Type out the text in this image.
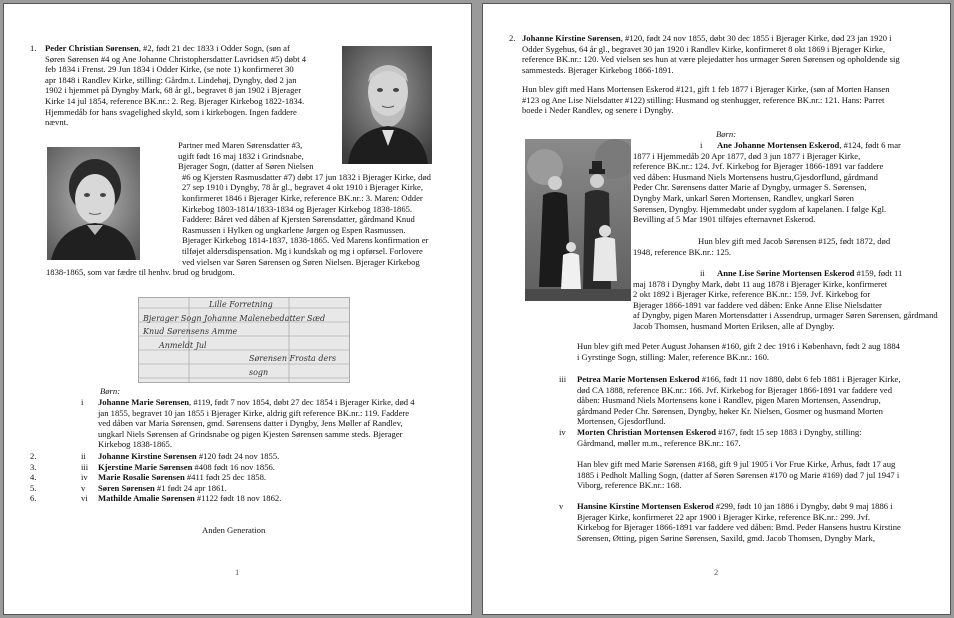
1. Peder Christian Sørensen, #2, født 21 dec 1833 i Odder Sogn, (søn af
Søren Sørensen #4 og Ane Johanne Christophersdatter Lavridsen #5) døbt 4
feb 1834 i Frenst. 29 Jun 1834 i Odder Kirke, (se note 1) konfirmeret 30
apr 1848 i Randlev Kirke, stilling: Gårdm.t. Lindehøj, Dyngby, død 2 jan
1902 i hjemmet på Dyngby Mark, 68 år gl., begravet 8 jan 1902 i Bjerager
Kirke 14 jul 1854, reference BK.nr.: 2. Reg. Bjerager Kirkebog 1822-1834.
Hjemmedåb for hans svagelighed skyld, som i kirkebogen. Ingen faddere
nævnt.
Partner med Maren Sørensdatter #3,
ugift født 16 maj 1832 i Grindsnabe,
Bjerager Sogn, (datter af Søren Nielsen
#6 og Kjersten Rasmusdatter #7) døbt 17 jun 1832 i Bjerager Kirke, død
27 sep 1910 i Dyngby, 78 år gl., begravet 4 okt 1910 i Bjerager Kirke,
konfirmeret 1846 i Bjerager Kirke, reference BK.nr.: 3. Maren: Odder
Kirkebog 1803-1814/1833-1834 og Bjerager Kirkebog 1838-1865.
Faddere: Båret ved dåben af Kjersten Sørensdatter, gårdmand Knud
Rasmussen i Hylken og ungkarlene Jørgen og Espen Rasmussen.
Bjerager Kirkebog 1814-1837, 1838-1865. Ved Marens konfirmation er
tilføjet aldersdispensation. Mg i kundskab og mg i opførsel. Forlovere
ved vielsen var Søren Sørensen og Søren Nielsen. Bjerager Kirkebog
1838-1865, som var fædre til henhv. brud og brudgom.
Lille Forretning
Bjerager Sogn Johanne Malenebedatter Sæd
Knud Sørensens Amme
Anmeldt Jul
Sørensen Frosta ders sogn
Børn:
i Johanne Marie Sørensen, #119, født 7 nov 1854, døbt 27 dec 1854 i Bjerager Kirke, død 4
jan 1855, begravet 10 jan 1855 i Bjerager Kirke, aldrig gift reference BK.nr.: 119. Faddere
ved dåben var Maria Sørensen, gmd. Sørensens datter i Dyngby, Jens Møller af Randlev,
ungkarl Niels Sørensen af Grindsnabe og pigen Kjesten Sørensen samme steds. Bjerager
Kirkebog 1838-1865.
2.	ii Johanne Kirstine Sørensen #120 født 24 nov 1855.
3.	iii Kjerstine Marie Sørensen #408 født 16 nov 1856.
4.	iv Marie Rosalie Sørensen #411 født 25 dec 1858.
5.	v Søren Sørensen #1 født 24 apr 1861.
6.	vi Mathilde Amalie Sørensen #1122 født 18 nov 1862.
Anden Generation
1
2. Johanne Kirstine Sørensen, #120, født 24 nov 1855, døbt 30 dec 1855 i Bjerager Kirke, død 23 jan 1920 i
Odder Sygehus, 64 år gl., begravet 30 jan 1920 i Randlev Kirke, konfirmeret 8 okt 1869 i Bjerager Kirke,
reference BK.nr.: 120. Ved vielsen ses hun at være plejedatter hos urmager Søren Sørensen og opholdende sig
sammesteds. Bjerager Kirkebog 1866-1891.
Hun blev gift med Hans Mortensen Eskerod #121, gift 1 feb 1877 i Bjerager Kirke, (søn af Morten Hansen
#123 og Ane Lise Nielsdatter #122) stilling: Husmand og stenhugger, reference BK.nr.: 121. Hans: Parret
boede i Neder Randlev, og senere i Dyngby.
Børn:
i Ane Johanne Mortensen Eskerod, #124, født 6 mar
1877 i Hjemmedåb 20 Apr 1877, død 3 jun 1877 i Bjerager Kirke,
reference BK.nr.: 124. Jvf. Kirkebog for Bjerager 1866-1891 var faddere
ved dåben: Husmand Niels Mortensens hustru,Gjesdorflund, gårdmand
Peder Chr. Sørensens datter Marie af Dyngby, urmager S. Sørensen,
Dyngby Mark, unkarl Søren Mortensen, Randlev, ungkarl Søren
Sørensen, Dyngby. Hjemmedøbt under sygdom af kapelanen. I følge Kgl.
Bevilling af 5 Mar 1901 tilføjes efternavnet Eskerod.
Hun blev gift med Jacob Sørensen #125, født 1872, død
1948, reference BK.nr.: 125.
ii Anne Lise Sørine Mortensen Eskerod #159, født 11
maj 1878 i Dyngby Mark, døbt 11 aug 1878 i Bjerager Kirke, konfirmeret
2 okt 1892 i Bjerager Kirke, reference BK.nr.: 159. Jvf. Kirkebog for
Bjerager 1866-1891 var faddere ved dåben: Enke Anne Elise Nielsdatter
af Dyngby, pigen Maren Mortensdatter i Assendrup, urmager Søren Sørensen, gårdmand
Jacob Thomsen, husmand Morten Eriksen, alle af Dyngby.
Hun blev gift med Peter August Johansen #160, gift 2 dec 1916 i København, født 2 aug 1884
i Gyrstinge Sogn, stilling: Maler, reference BK.nr.: 160.
iii Petrea Marie Mortensen Eskerod #166, født 11 nov 1880, døbt 6 feb 1881 i Bjerager Kirke,
død CA 1888, reference BK.nr.: 166. Jvf. Kirkebog for Bjerager 1866-1891 var faddere ved
dåben: Husmand Niels Mortensens kone i Randlev, pigen Maren Mortensen, Assendrup,
gårdmand Peder Chr. Sørensen, Dyngby, høker Kr. Nielsen, Gosmer og husmand Morten
Mortensen, Gjesdorflund.
iv Morten Christian Mortensen Eskerod #167, født 15 sep 1883 i Dyngby, stilling:
Gårdmand, møller m.m., reference BK.nr.: 167.
Han blev gift med Marie Sørensen #168, gift 9 jul 1905 i Vor Frue Kirke, Århus, født 17 aug
1885 i Pedholt Malling Sogn, (datter af Søren Sørensen #170 og Marie #169) død 7 jul 1947 i
Viborg, reference BK.nr.: 168.
v Hansine Kirstine Mortensen Eskerod #299, født 10 jan 1886 i Dyngby, døbt 9 maj 1886 i
Bjerager Kirke, konfirmeret 22 apr 1900 i Bjerager Kirke, reference BK.nr.: 299. Jvf.
Kirkebog for Bjerager 1866-1891 var faddere ved dåben: Bmd. Peder Hansens hustru Kirstine
Sørensen, Øtting, pigen Sørine Sørensen, Saxild, gmd. Jacob Thomsen, Dyngby Mark,
2
